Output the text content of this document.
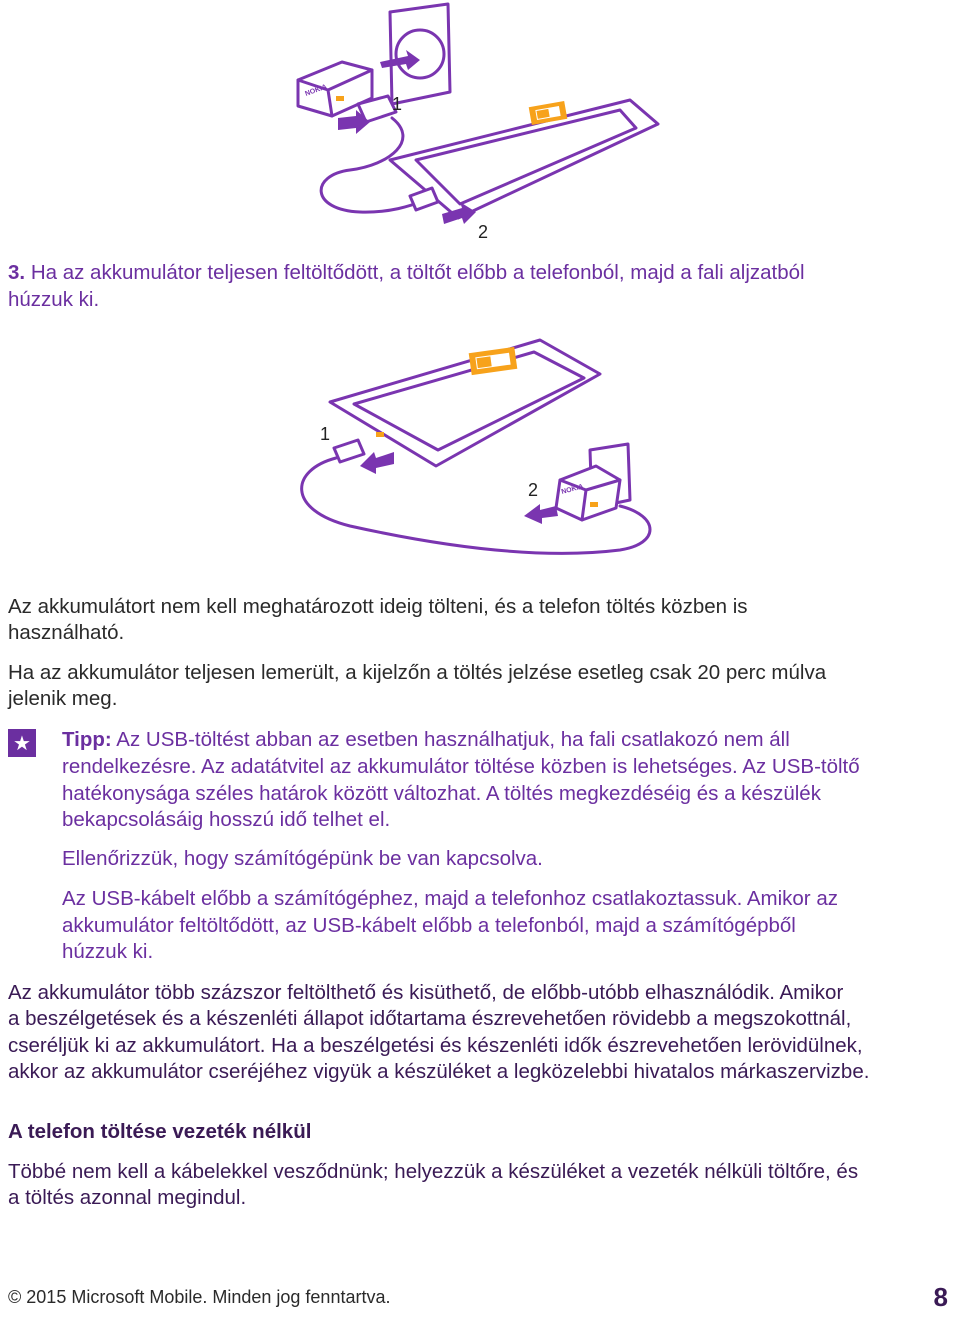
NOKIA
1
2

3. Ha az akkumulátor teljesen feltöltődött, a töltőt előbb a telefonból, majd a fali aljzatból

húzzuk ki.

1
NOKIA
2

Az akkumulátort nem kell meghatározott ideig tölteni, és a telefon töltés közben is

használható.

Ha az akkumulátor teljesen lemerült, a kijelzőn a töltés jelzése esetleg csak 20 perc múlva

jelenik meg.

★ Tipp: Az USB-töltést abban az esetben használhatjuk, ha fali csatlakozó nem áll

rendelkezésre. Az adatátvitel az akkumulátor töltése közben is lehetséges. Az USB-töltő

hatékonysága széles határok között változhat. A töltés megkezdéséig és a készülék

bekapcsolásáig hosszú idő telhet el.

Ellenőrizzük, hogy számítógépünk be van kapcsolva.

Az USB-kábelt előbb a számítógéphez, majd a telefonhoz csatlakoztassuk. Amikor az

akkumulátor feltöltődött, az USB-kábelt előbb a telefonból, majd a számítógépből

húzzuk ki.

Az akkumulátor több százszor feltölthető és kisüthető, de előbb-utóbb elhasználódik. Amikor

a beszélgetések és a készenléti állapot időtartama észrevehetően rövidebb a megszokottnál,

cseréljük ki az akkumulátort. Ha a beszélgetési és készenléti idők észrevehetően lerövidülnek,

akkor az akkumulátor cseréjéhez vigyük a készüléket a legközelebbi hivatalos márkaszervizbe.

A telefon töltése vezeték nélkül

Többé nem kell a kábelekkel vesződnünk; helyezzük a készüléket a vezeték nélküli töltőre, és

a töltés azonnal megindul.

© 2015 Microsoft Mobile. Minden jog fenntartva.	8
